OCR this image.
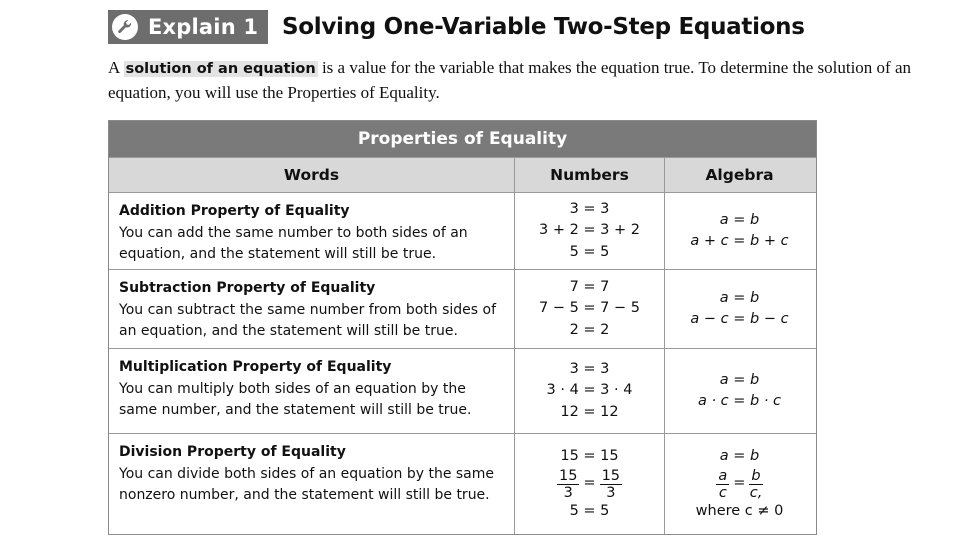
Explain 1 Solving One-Variable Two-Step Equations
A solution of an equation is a value for the variable that makes the equation true. To determine the solution of an equation, you will use the Properties of Equality.
Properties of Equality
Words	Numbers	Algebra
Addition Property of Equality
You can add the same number to both sides of an equation, and the statement will still be true.
3 = 3
3 + 2 = 3 + 2
5 = 5
a = b
a + c = b + c
Subtraction Property of Equality
You can subtract the same number from both sides of an equation, and the statement will still be true.
7 = 7
7 − 5 = 7 − 5
2 = 2
a = b
a − c = b − c
Multiplication Property of Equality
You can multiply both sides of an equation by the same number, and the statement will still be true.
3 = 3
3 · 4 = 3 · 4
12 = 12
a = b
a · c = b · c
Division Property of Equality
You can divide both sides of an equation by the same nonzero number, and the statement will still be true.
15 = 15
$\frac{15}{3} = \frac{15}{3}$
5 = 5
a = b
$\frac{a}{c} = \frac{b}{c,}$
where c ≠ 0
